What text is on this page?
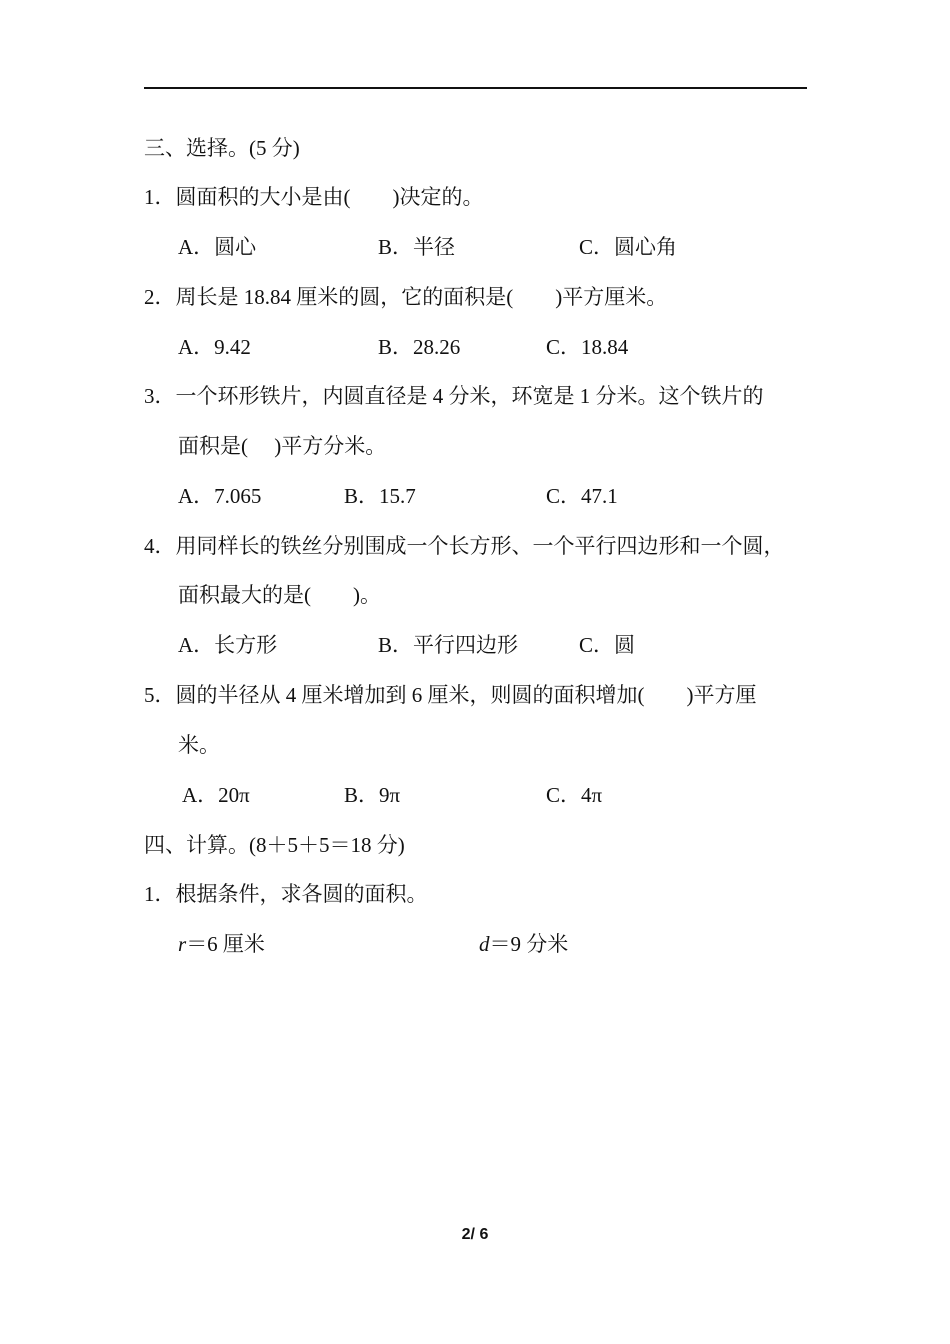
三、选择。(5 分)
1．圆面积的大小是由(　　)决定的。
A．圆心	B．半径	C．圆心角
2．周长是 18.84 厘米的圆，它的面积是(　　)平方厘米。
A．9.42	B．28.26	C．18.84
3．一个环形铁片，内圆直径是 4 分米，环宽是 1 分米。这个铁片的
面积是(　 )平方分米。
A．7.065	B．15.7	C．47.1
4．用同样长的铁丝分别围成一个长方形、一个平行四边形和一个圆，
面积最大的是(　　)。
A．长方形	B．平行四边形	C．圆
5．圆的半径从 4 厘米增加到 6 厘米，则圆的面积增加(　　)平方厘
米。
A．20π	B．9π	C．4π
四、计算。(8＋5＋5＝18 分)
1．根据条件，求各圆的面积。
r＝6 厘米	d＝9 分米
2/ 6
